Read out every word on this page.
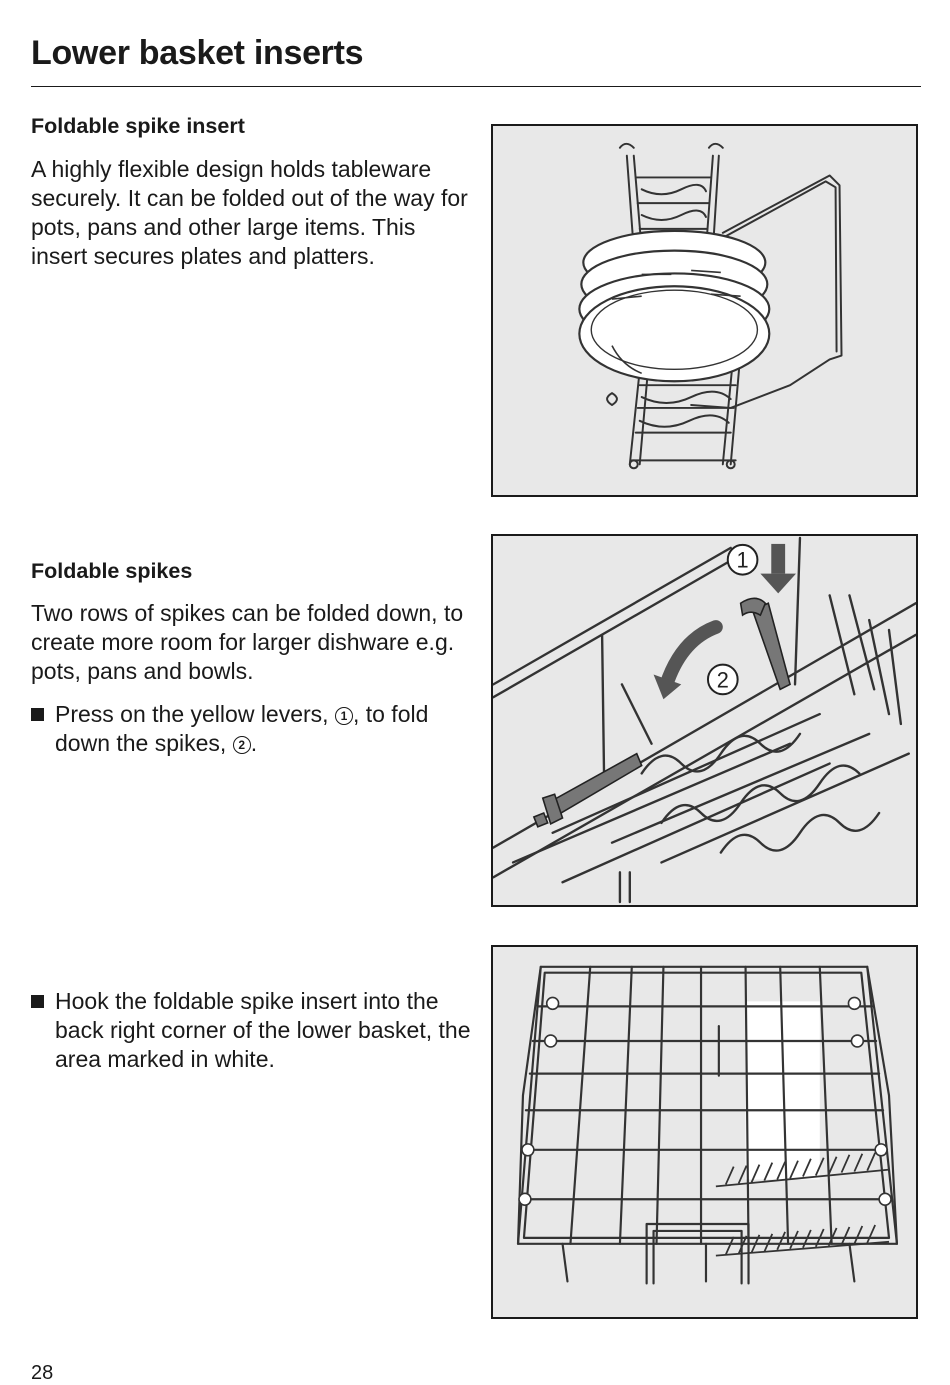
Lower basket inserts
Foldable spike insert

A highly flexible design holds tableware securely. It can be folded out of the way for pots, pans and other large items. This insert secures plates and platters.

Foldable spikes

Two rows of spikes can be folded down, to create more room for larger dishware e.g. pots, pans and bowls.

Press on the yellow levers, 1 , to fold down the spikes, 2 .
1
2
Hook the foldable spike insert into the back right corner of the lower basket, the area marked in white.
28
